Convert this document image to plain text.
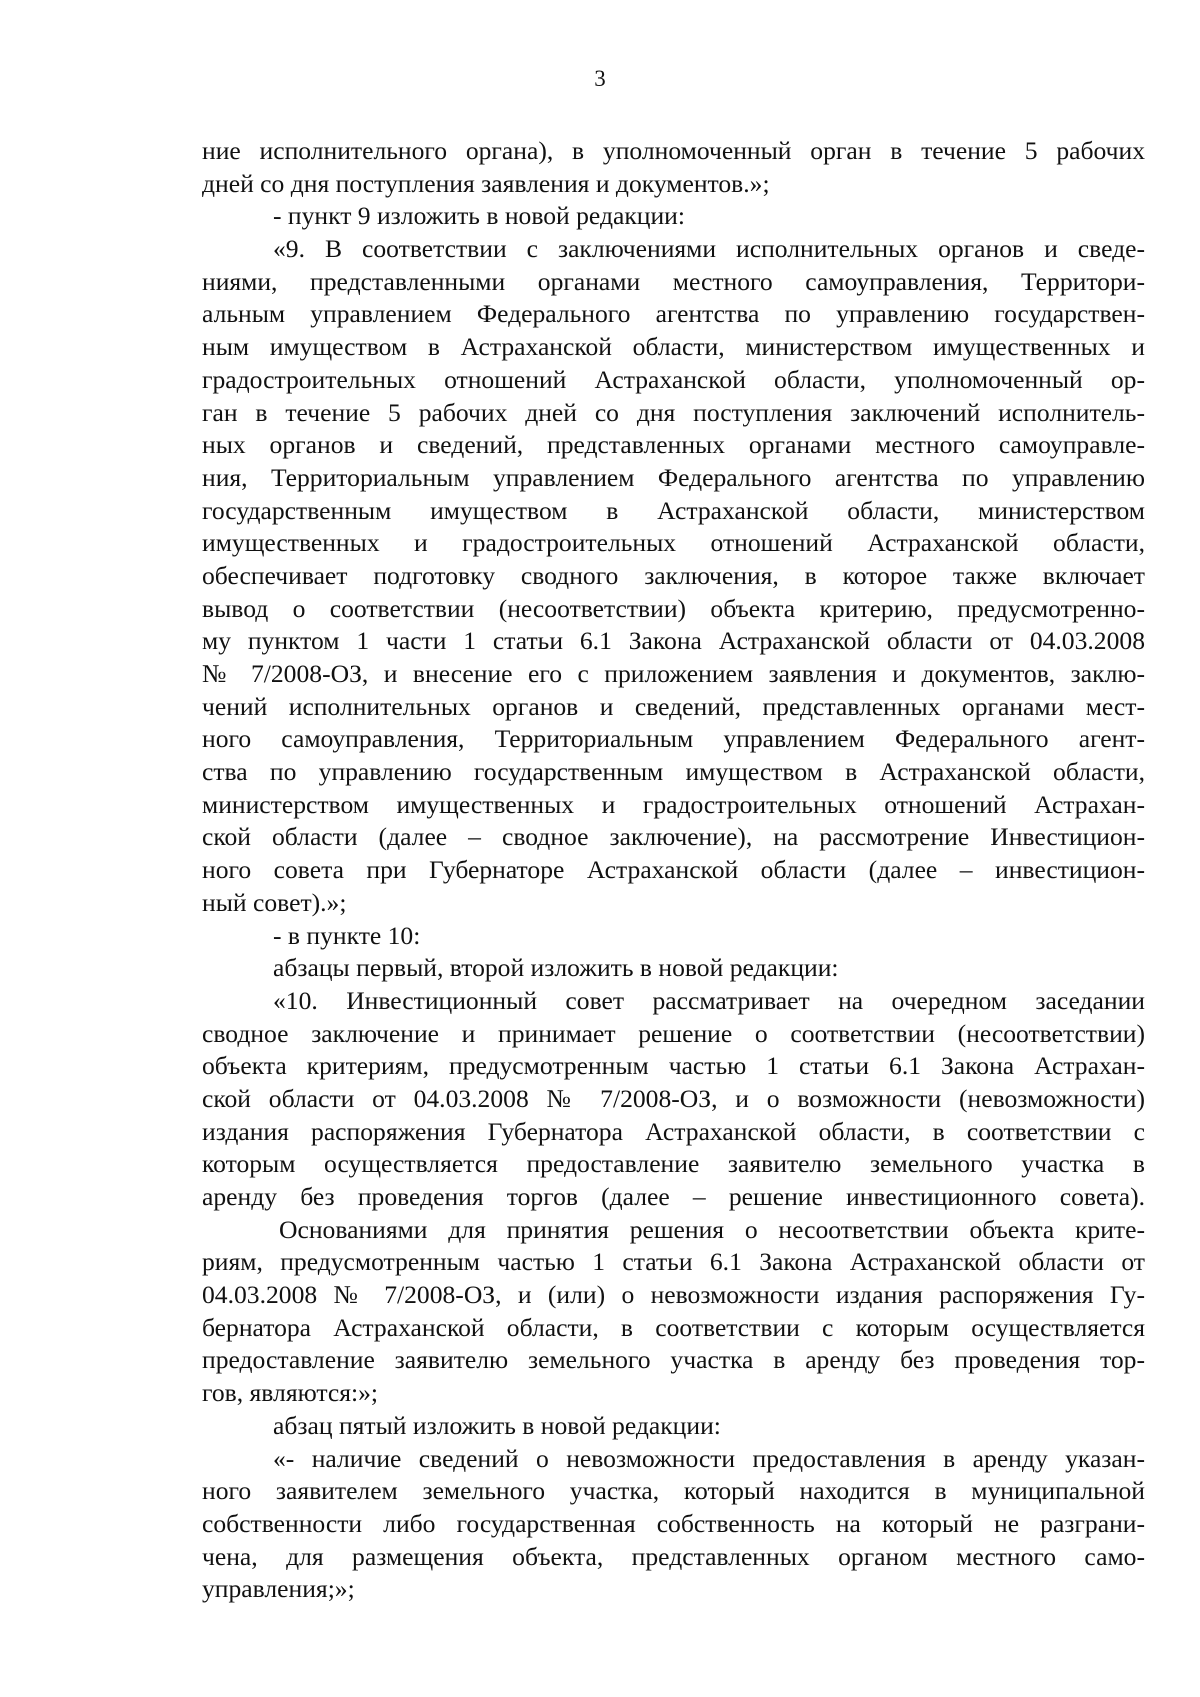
3
ние исполнительного органа), в уполномоченный орган в течение 5 рабочих
дней со дня поступления заявления и документов.»;
- пункт 9 изложить в новой редакции:
«9. В соответствии с заключениями исполнительных органов и сведе-
ниями, представленными органами местного самоуправления, Территори-
альным управлением Федерального агентства по управлению государствен-
ным имуществом в Астраханской области, министерством имущественных и
градостроительных отношений Астраханской области, уполномоченный ор-
ган в течение 5 рабочих дней со дня поступления заключений исполнитель-
ных органов и сведений, представленных органами местного самоуправле-
ния, Территориальным управлением Федерального агентства по управлению
государственным имуществом в Астраханской области, министерством
имущественных и градостроительных отношений Астраханской области,
обеспечивает подготовку сводного заключения, в которое также включает
вывод о соответствии (несоответствии) объекта критерию, предусмотренно-
му пунктом 1 части 1 статьи 6.1 Закона Астраханской области от 04.03.2008
№ 7/2008-ОЗ, и внесение его с приложением заявления и документов, заклю-
чений исполнительных органов и сведений, представленных органами мест-
ного самоуправления, Территориальным управлением Федерального агент-
ства по управлению государственным имуществом в Астраханской области,
министерством имущественных и градостроительных отношений Астрахан-
ской области (далее – сводное заключение), на рассмотрение Инвестицион-
ного совета при Губернаторе Астраханской области (далее – инвестицион-
ный совет).»;
- в пункте 10:
абзацы первый, второй изложить в новой редакции:
«10. Инвестиционный совет рассматривает на очередном заседании
сводное заключение и принимает решение о соответствии (несоответствии)
объекта критериям, предусмотренным частью 1 статьи 6.1 Закона Астрахан-
ской области от 04.03.2008 № 7/2008-ОЗ, и о возможности (невозможности)
издания распоряжения Губернатора Астраханской области, в соответствии с
которым осуществляется предоставление заявителю земельного участка в
аренду без проведения торгов (далее – решение инвестиционного совета).
Основаниями для принятия решения о несоответствии объекта крите-
риям, предусмотренным частью 1 статьи 6.1 Закона Астраханской области от
04.03.2008 № 7/2008-ОЗ, и (или) о невозможности издания распоряжения Гу-
бернатора Астраханской области, в соответствии с которым осуществляется
предоставление заявителю земельного участка в аренду без проведения тор-
гов, являются:»;
абзац пятый изложить в новой редакции:
«- наличие сведений о невозможности предоставления в аренду указан-
ного заявителем земельного участка, который находится в муниципальной
собственности либо государственная собственность на который не разграни-
чена, для размещения объекта, представленных органом местного само-
управления;»;
